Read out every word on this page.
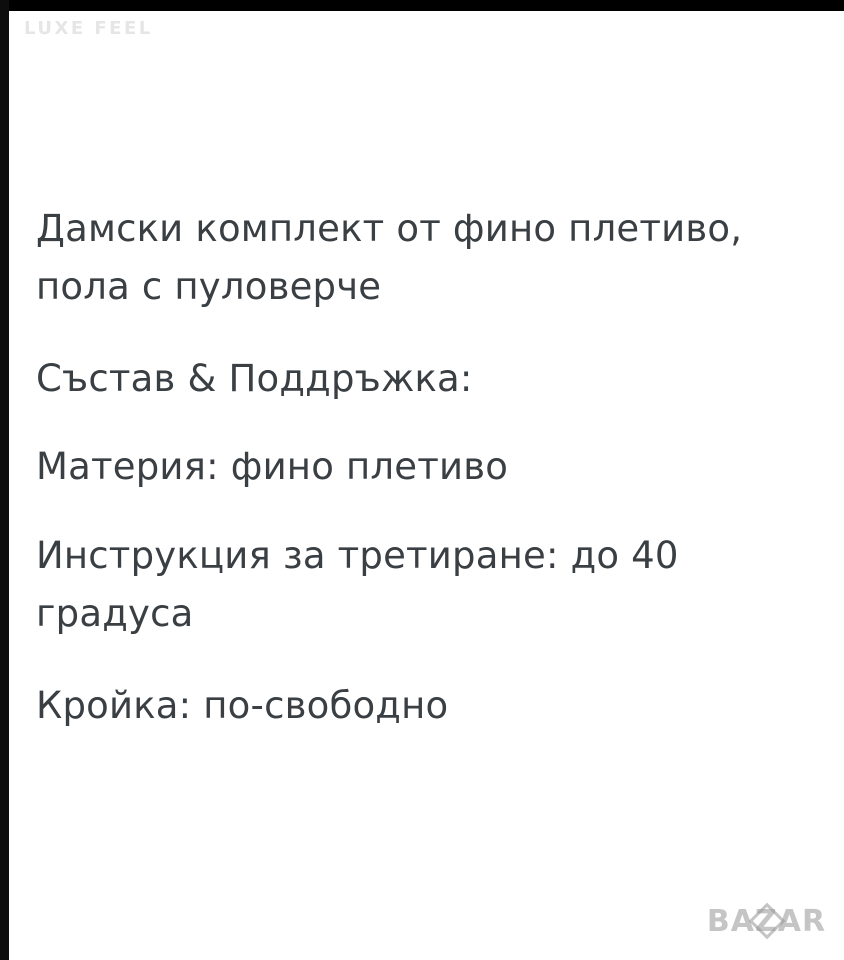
LUXE FEEL

Дамски комплект от фино плетиво, пола с пуловерче

Състав & Поддръжка:

Материя: фино плетиво

Инструкция за третиране: до 40 градуса

Кройка: по-свободно

BAZAR
